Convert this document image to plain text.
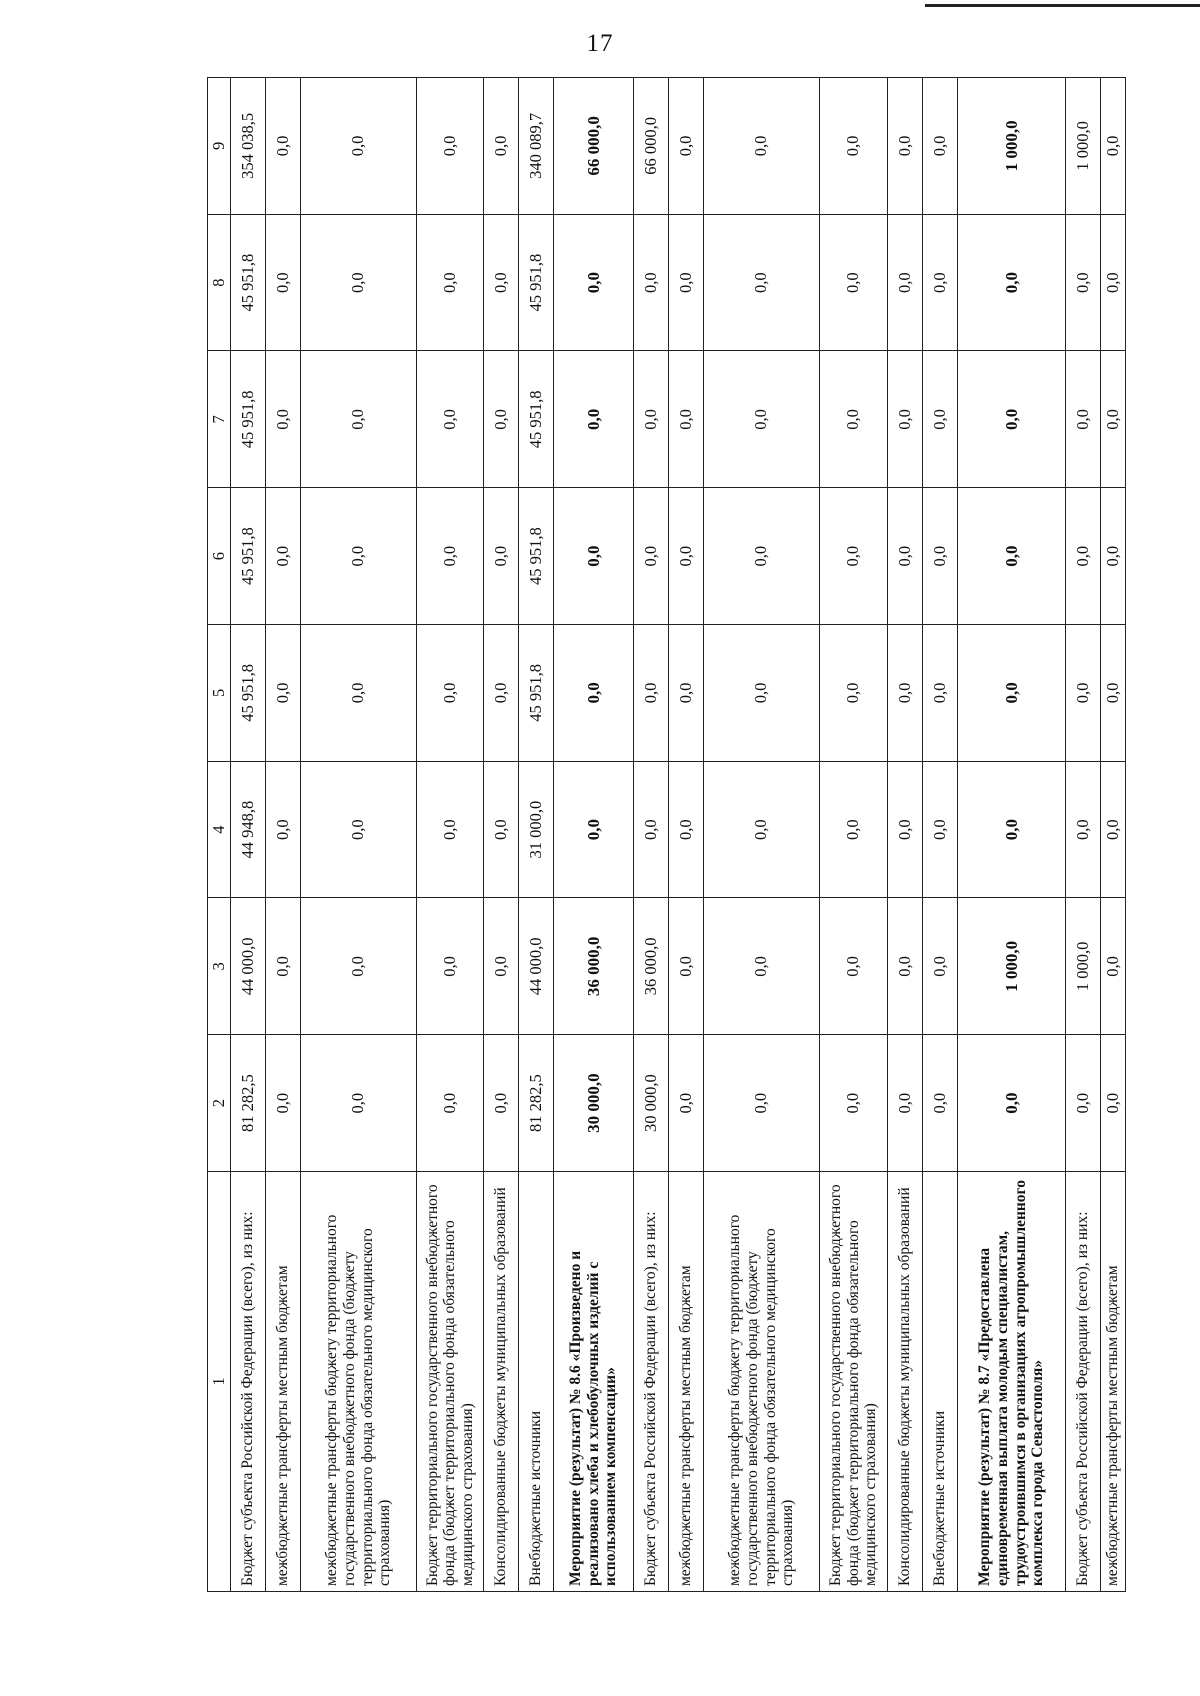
17
1	2	3	4	5	6	7	8	9
Бюджет субъекта Российской Федерации (всего), из них:	81 282,5	44 000,0	44 948,8	45 951,8	45 951,8	45 951,8	45 951,8	354 038,5
межбюджетные трансферты местным бюджетам	0,0	0,0	0,0	0,0	0,0	0,0	0,0	0,0
межбюджетные трансферты бюджету территориального государственного внебюджетного фонда (бюджету территориального фонда обязательного медицинского страхования)	0,0	0,0	0,0	0,0	0,0	0,0	0,0	0,0
Бюджет территориального государственного внебюджетного фонда (бюджет территориального фонда обязательного медицинского страхования)	0,0	0,0	0,0	0,0	0,0	0,0	0,0	0,0
Консолидированные бюджеты муниципальных образований	0,0	0,0	0,0	0,0	0,0	0,0	0,0	0,0
Внебюджетные источники	81 282,5	44 000,0	31 000,0	45 951,8	45 951,8	45 951,8	45 951,8	340 089,7
Мероприятие (результат) № 8.6 «Произведено и реализовано хлеба и хлебобулочных изделий с использованием компенсации»	30 000,0	36 000,0	0,0	0,0	0,0	0,0	0,0	66 000,0
Бюджет субъекта Российской Федерации (всего), из них:	30 000,0	36 000,0	0,0	0,0	0,0	0,0	0,0	66 000,0
межбюджетные трансферты местным бюджетам	0,0	0,0	0,0	0,0	0,0	0,0	0,0	0,0
межбюджетные трансферты бюджету территориального государственного внебюджетного фонда (бюджету территориального фонда обязательного медицинского страхования)	0,0	0,0	0,0	0,0	0,0	0,0	0,0	0,0
Бюджет территориального государственного внебюджетного фонда (бюджет территориального фонда обязательного медицинского страхования)	0,0	0,0	0,0	0,0	0,0	0,0	0,0	0,0
Консолидированные бюджеты муниципальных образований	0,0	0,0	0,0	0,0	0,0	0,0	0,0	0,0
Внебюджетные источники	0,0	0,0	0,0	0,0	0,0	0,0	0,0	0,0
Мероприятие (результат) № 8.7 «Предоставлена единовременная выплата молодым специалистам, трудоустроившимся в организациях агропромышленного комплекса города Севастополя»	0,0	1 000,0	0,0	0,0	0,0	0,0	0,0	1 000,0
Бюджет субъекта Российской Федерации (всего), из них:	0,0	1 000,0	0,0	0,0	0,0	0,0	0,0	1 000,0
межбюджетные трансферты местным бюджетам	0,0	0,0	0,0	0,0	0,0	0,0	0,0	0,0
